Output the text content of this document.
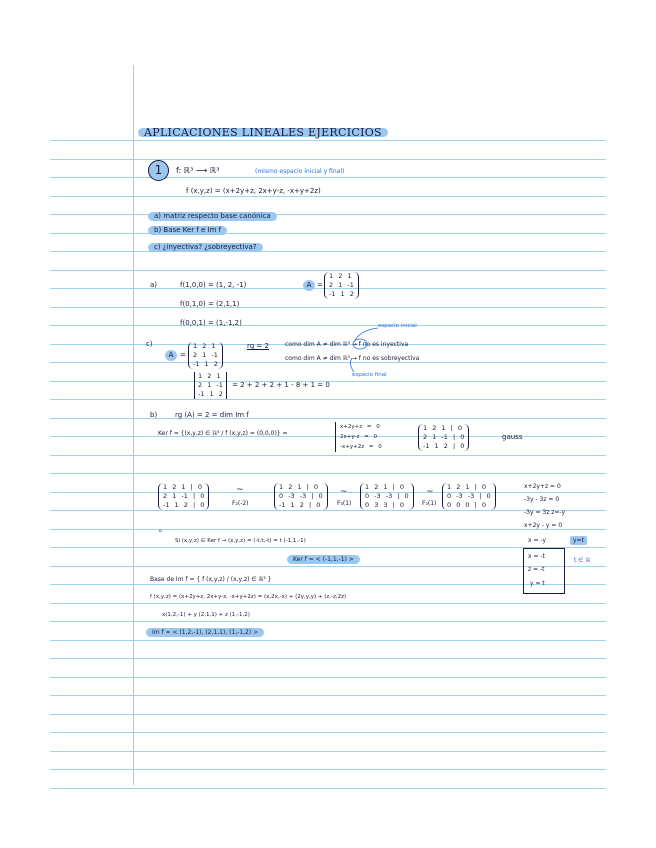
APLICACIONES LINEALES EJERCICIOS
1	f: ℝ³ ⟶ ℝ³	(mismo espacio inicial y final)
f (x,y,z) = (x+2y+z, 2x+y-z, -x+y+2z)
a) matriz respecto base canónica
b) Base Ker f e Im f
c) ¿inyectiva? ¿sobreyectiva?
a)	f(1,0,0) = (1, 2, -1)
f(0,1,0) = (2,1,1)
f(0,0,1) = (1,-1,2)
A =
1 2 1
2 1 -1
-1 1 2
c)
A =
1 2 1
2 1 -1
-1 1 2
rg = 2	como dim A ≠ dim ℝ³ → f no es inyectiva
como dim A ≠ dim ℝ³ → f no es sobreyectiva
espacio inicial
espacio final
1 2 1
2 1 -1
-1 1 2
= 2 + 2 + 2 + 1 - 8 + 1 = 0
b)	rg (A) = 2 = dim Im f
Ker f = {(x,y,z) ∈ ℝ³ / f (x,y,z) = (0,0,0)} =
x+2y+z = 0
2x+y-z = 0
-x+y+2z = 0
1 2 1 | 0
2 1 -1 | 0
-1 1 2 | 0
gauss
1 2 1 | 0
2 1 -1 | 0
-1 1 2 | 0
~
F₂(-2)
1 2 1 | 0
0 -3 -3 | 0
-1 1 2 | 0
~
F₃(1)
1 2 1 | 0
0 -3 -3 | 0
0 3 3 | 0
~
F₃(1)
1 2 1 | 0
0 -3 -3 | 0
0 0 0 | 0
x+2y+z = 0
-3y - 3z = 0
-3y = 3z z=-y
x+2y - y = 0
x = -y	y=t
x = -t
z = -t
y = t
t ∈ ℝ
°
Si (x,y,z) ∈ Ker f → (x,y,z) = (-t,t,-t) = t (-1,1,-1)
Ker f = < (-1,1,-1) >
Base de Im f = { f (x,y,z) / (x,y,z) ∈ ℝ³ }
f (x,y,z) = (x+2y+z, 2x+y-z, -x+y+2z) = (x,2x,-x) + (2y,y,y) + (z,-z,2z)
x(1,2,-1) + y (2,1,1) + z (1,-1,2)
Im f = < (1,2,-1), (2,1,1), (1,-1,2) >
